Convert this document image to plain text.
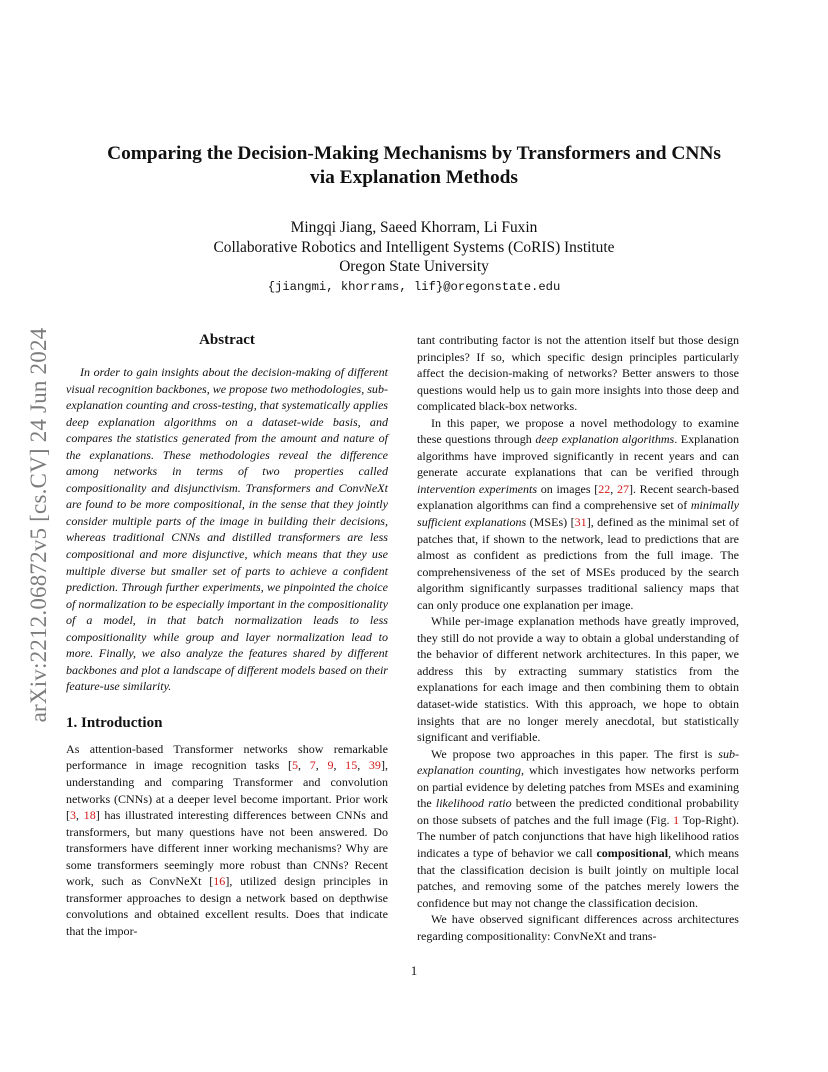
arXiv:2212.06872v5 [cs.CV] 24 Jun 2024
Comparing the Decision-Making Mechanisms by Transformers and CNNs
via Explanation Methods
Mingqi Jiang, Saeed Khorram, Li Fuxin
Collaborative Robotics and Intelligent Systems (CoRIS) Institute
Oregon State University
{jiangmi, khorrams, lif}@oregonstate.edu
Abstract

In order to gain insights about the decision-making of different visual recognition backbones, we propose two methodologies, sub-explanation counting and cross-testing, that systematically applies deep explanation algorithms on a dataset-wide basis, and compares the statistics generated from the amount and nature of the explanations. These methodologies reveal the difference among networks in terms of two properties called compositionality and disjunctivism. Transformers and ConvNeXt are found to be more compositional, in the sense that they jointly consider multiple parts of the image in building their decisions, whereas traditional CNNs and distilled transformers are less compositional and more disjunctive, which means that they use multiple diverse but smaller set of parts to achieve a confident prediction. Through further experiments, we pinpointed the choice of normalization to be especially important in the compositionality of a model, in that batch normalization leads to less compositionality while group and layer normalization lead to more. Finally, we also analyze the features shared by different backbones and plot a landscape of different models based on their feature-use similarity.

1. Introduction

As attention-based Transformer networks show remarkable performance in image recognition tasks [5, 7, 9, 15, 39], understanding and comparing Transformer and convolution networks (CNNs) at a deeper level become important. Prior work [3, 18] has illustrated interesting differences between CNNs and transformers, but many questions have not been answered. Do transformers have different inner working mechanisms? Why are some transformers seemingly more robust than CNNs? Recent work, such as ConvNeXt [16], utilized design principles in transformer approaches to design a network based on depthwise convolutions and obtained excellent results. Does that indicate that the impor-

tant contributing factor is not the attention itself but those design principles? If so, which specific design principles particularly affect the decision-making of networks? Better answers to those questions would help us to gain more insights into those deep and complicated black-box networks.

In this paper, we propose a novel methodology to examine these questions through deep explanation algorithms. Explanation algorithms have improved significantly in recent years and can generate accurate explanations that can be verified through intervention experiments on images [22, 27]. Recent search-based explanation algorithms can find a comprehensive set of minimally sufficient explanations (MSEs) [31], defined as the minimal set of patches that, if shown to the network, lead to predictions that are almost as confident as predictions from the full image. The comprehensiveness of the set of MSEs produced by the search algorithm significantly surpasses traditional saliency maps that can only produce one explanation per image.

While per-image explanation methods have greatly improved, they still do not provide a way to obtain a global understanding of the behavior of different network architectures. In this paper, we address this by extracting summary statistics from the explanations for each image and then combining them to obtain dataset-wide statistics. With this approach, we hope to obtain insights that are no longer merely anecdotal, but statistically significant and verifiable.

We propose two approaches in this paper. The first is sub-explanation counting, which investigates how networks perform on partial evidence by deleting patches from MSEs and examining the likelihood ratio between the predicted conditional probability on those subsets of patches and the full image (Fig. 1 Top-Right). The number of patch conjunctions that have high likelihood ratios indicates a type of behavior we call compositional, which means that the classification decision is built jointly on multiple local patches, and removing some of the patches merely lowers the confidence but may not change the classification decision.

We have observed significant differences across architectures regarding compositionality: ConvNeXt and trans-

1
